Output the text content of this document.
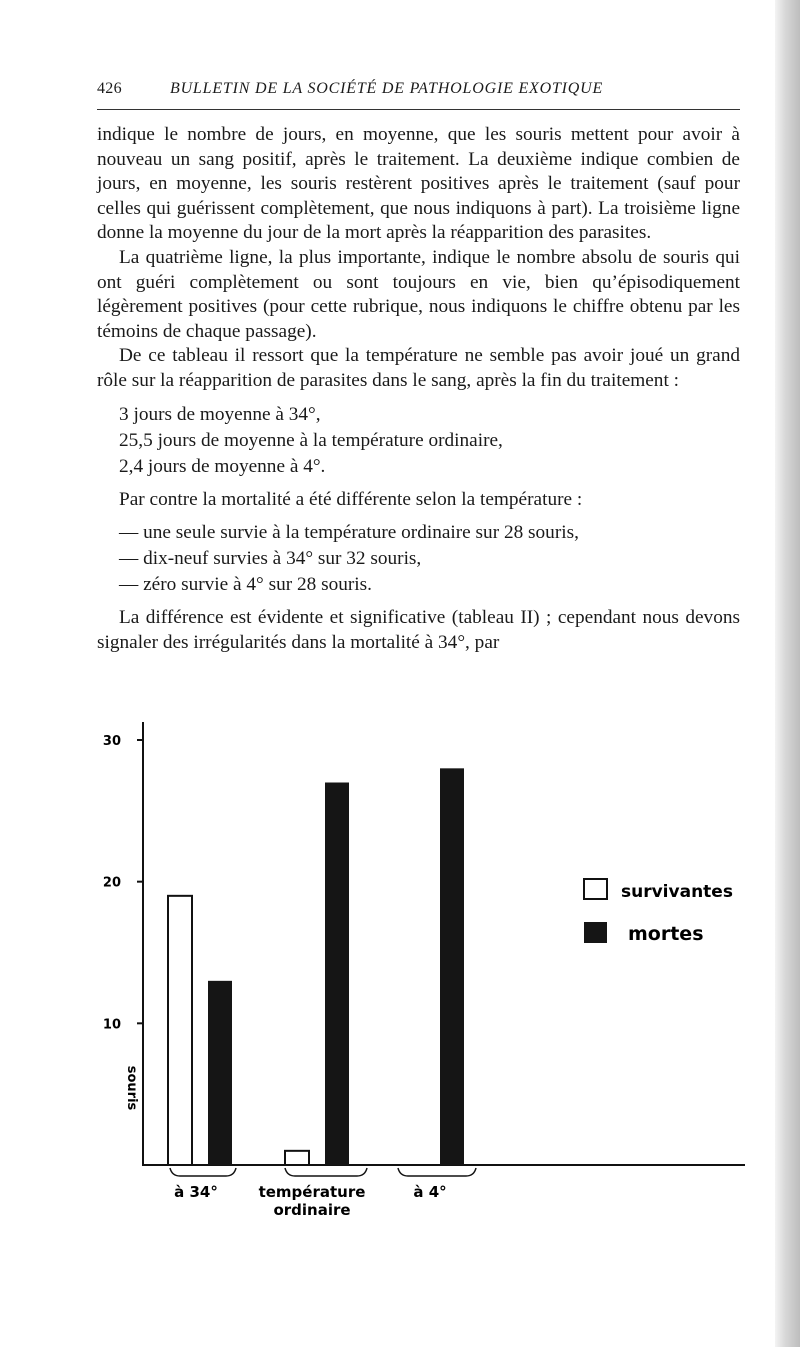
426	BULLETIN DE LA SOCIÉTÉ DE PATHOLOGIE EXOTIQUE

indique le nombre de jours, en moyenne, que les souris mettent pour avoir à nouveau un sang positif, après le traitement. La deuxième indique combien de jours, en moyenne, les souris restèrent positives après le traitement (sauf pour celles qui guérissent complètement, que nous indiquons à part). La troisième ligne donne la moyenne du jour de la mort après la réapparition des parasites.

La quatrième ligne, la plus importante, indique le nombre absolu de souris qui ont guéri complètement ou sont toujours en vie, bien qu’épisodiquement légèrement positives (pour cette rubrique, nous indiquons le chiffre obtenu par les témoins de chaque passage).

De ce tableau il ressort que la température ne semble pas avoir joué un grand rôle sur la réapparition de parasites dans le sang, après la fin du traitement :

3 jours de moyenne à 34°,
25,5 jours de moyenne à la température ordinaire,
2,4 jours de moyenne à 4°.

Par contre la mortalité a été différente selon la température :

— une seule survie à la température ordinaire sur 28 souris,
— dix-neuf survies à 34° sur 32 souris,
— zéro survie à 4° sur 28 souris.

La différence est évidente et significative (tableau II) ; cependant nous devons signaler des irrégularités dans la mortalité à 34°, par

30
20
10
souris
à 34°	température
ordinaire
à 4°
survivantes
mortes
